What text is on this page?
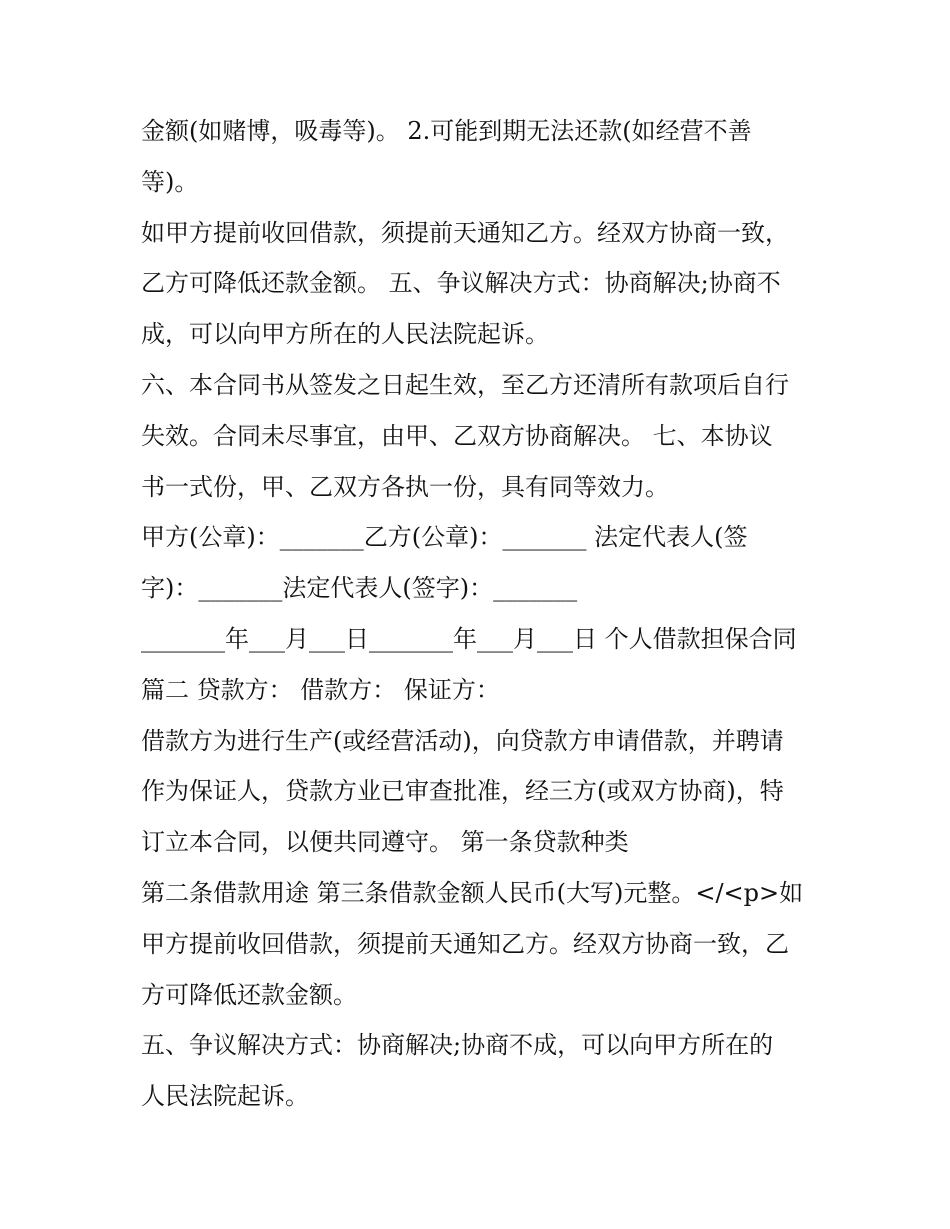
金额(如赌博，吸毒等)。 2.可能到期无法还款(如经营不善

等)。

如甲方提前收回借款，须提前天通知乙方。经双方协商一致，

乙方可降低还款金额。 五、争议解决方式：协商解决;协商不

成，可以向甲方所在的人民法院起诉。

六、本合同书从签发之日起生效，至乙方还清所有款项后自行

失效。合同未尽事宜，由甲、乙双方协商解决。 七、本协议

书一式份，甲、乙双方各执一份，具有同等效力。

甲方(公章)：_______乙方(公章)：_______ 法定代表人(签

字)：_______法定代表人(签字)：_______

_______年___月___日_______年___月___日 个人借款担保合同

篇二 贷款方： 借款方： 保证方：

借款方为进行生产(或经营活动)，向贷款方申请借款，并聘请

作为保证人，贷款方业已审查批准，经三方(或双方协商)，特

订立本合同，以便共同遵守。 第一条贷款种类

第二条借款用途 第三条借款金额人民币(大写)元整。</<p>如

甲方提前收回借款，须提前天通知乙方。经双方协商一致，乙

方可降低还款金额。

五、争议解决方式：协商解决;协商不成，可以向甲方所在的

人民法院起诉。
